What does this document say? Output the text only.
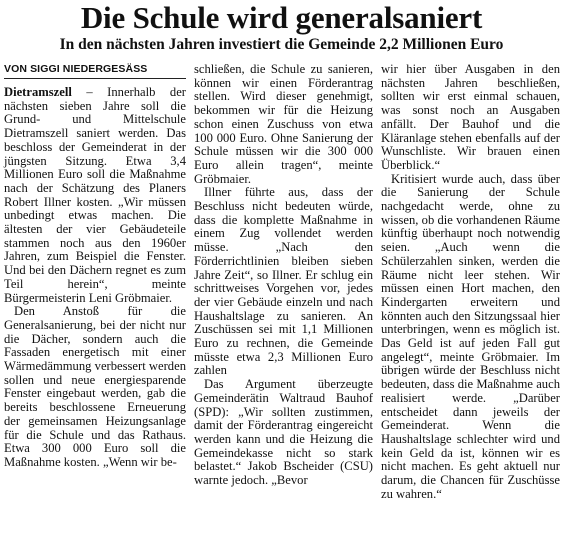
Die Schule wird generalsaniert
In den nächsten Jahren investiert die Gemeinde 2,2 Millionen Euro
VON SIGGI NIEDERGESÄSS

Dietramszell – Innerhalb der nächsten sieben Jahre soll die Grund- und Mittelschule Dietramszell saniert werden. Das beschloss der Gemeinderat in der jüngsten Sitzung. Etwa 3,4 Millionen Euro soll die Maßnahme nach der Schätzung des Planers Robert Illner kosten. „Wir müssen unbedingt etwas machen. Die ältesten der vier Gebäudeteile stammen noch aus den 1960er Jahren, zum Beispiel die Fenster. Und bei den Dächern regnet es zum Teil herein“, meinte Bürgermeisterin Leni Gröbmaier.

Den Anstoß für die Generalsanierung, bei der nicht nur die Dächer, sondern auch die Fassaden energetisch mit einer Wärmedämmung verbessert werden sollen und neue energiesparende Fenster eingebaut werden, gab die bereits beschlossene Erneuerung der gemeinsamen Heizungsanlage für die Schule und das Rathaus. Etwa 300 000 Euro soll die Maßnahme kosten. „Wenn wir be-

schließen, die Schule zu sanieren, können wir einen Förderantrag stellen. Wird dieser genehmigt, bekommen wir für die Heizung schon einen Zuschuss von etwa 100 000 Euro. Ohne Sanierung der Schule müssen wir die 300 000 Euro allein tragen“, meinte Gröbmaier.

Illner führte aus, dass der Beschluss nicht bedeuten würde, dass die komplette Maßnahme in einem Zug vollendet werden müsse. „Nach den Förderrichtlinien bleiben sieben Jahre Zeit“, so Illner. Er schlug ein schrittweises Vorgehen vor, jedes der vier Gebäude einzeln und nach Haushaltslage zu sanieren. An Zuschüssen sei mit 1,1 Millionen Euro zu rechnen, die Gemeinde müsste etwa 2,3 Millionen Euro zahlen

Das Argument überzeugte Gemeinderätin Waltraud Bauhof (SPD): „Wir sollten zustimmen, damit der Förderantrag eingereicht werden kann und die Heizung die Gemeindekasse nicht so stark belastet.“ Jakob Bscheider (CSU) warnte jedoch. „Bevor

wir hier über Ausgaben in den nächsten Jahren beschließen, sollten wir erst einmal schauen, was sonst noch an Ausgaben anfällt. Der Bauhof und die Kläranlage stehen ebenfalls auf der Wunschliste. Wir brauen einen Überblick.“

Kritisiert wurde auch, dass über die Sanierung der Schule nachgedacht werde, ohne zu wissen, ob die vorhandenen Räume künftig überhaupt noch notwendig seien. „Auch wenn die Schülerzahlen sinken, werden die Räume nicht leer stehen. Wir müssen einen Hort machen, den Kindergarten erweitern und könnten auch den Sitzungssaal hier unterbringen, wenn es möglich ist. Das Geld ist auf jeden Fall gut angelegt“, meinte Gröbmaier. Im übrigen würde der Beschluss nicht bedeuten, dass die Maßnahme auch realisiert werde. „Darüber entscheidet dann jeweils der Gemeinderat. Wenn die Haushaltslage schlechter wird und kein Geld da ist, können wir es nicht machen. Es geht aktuell nur darum, die Chancen für Zuschüsse zu wahren.“
